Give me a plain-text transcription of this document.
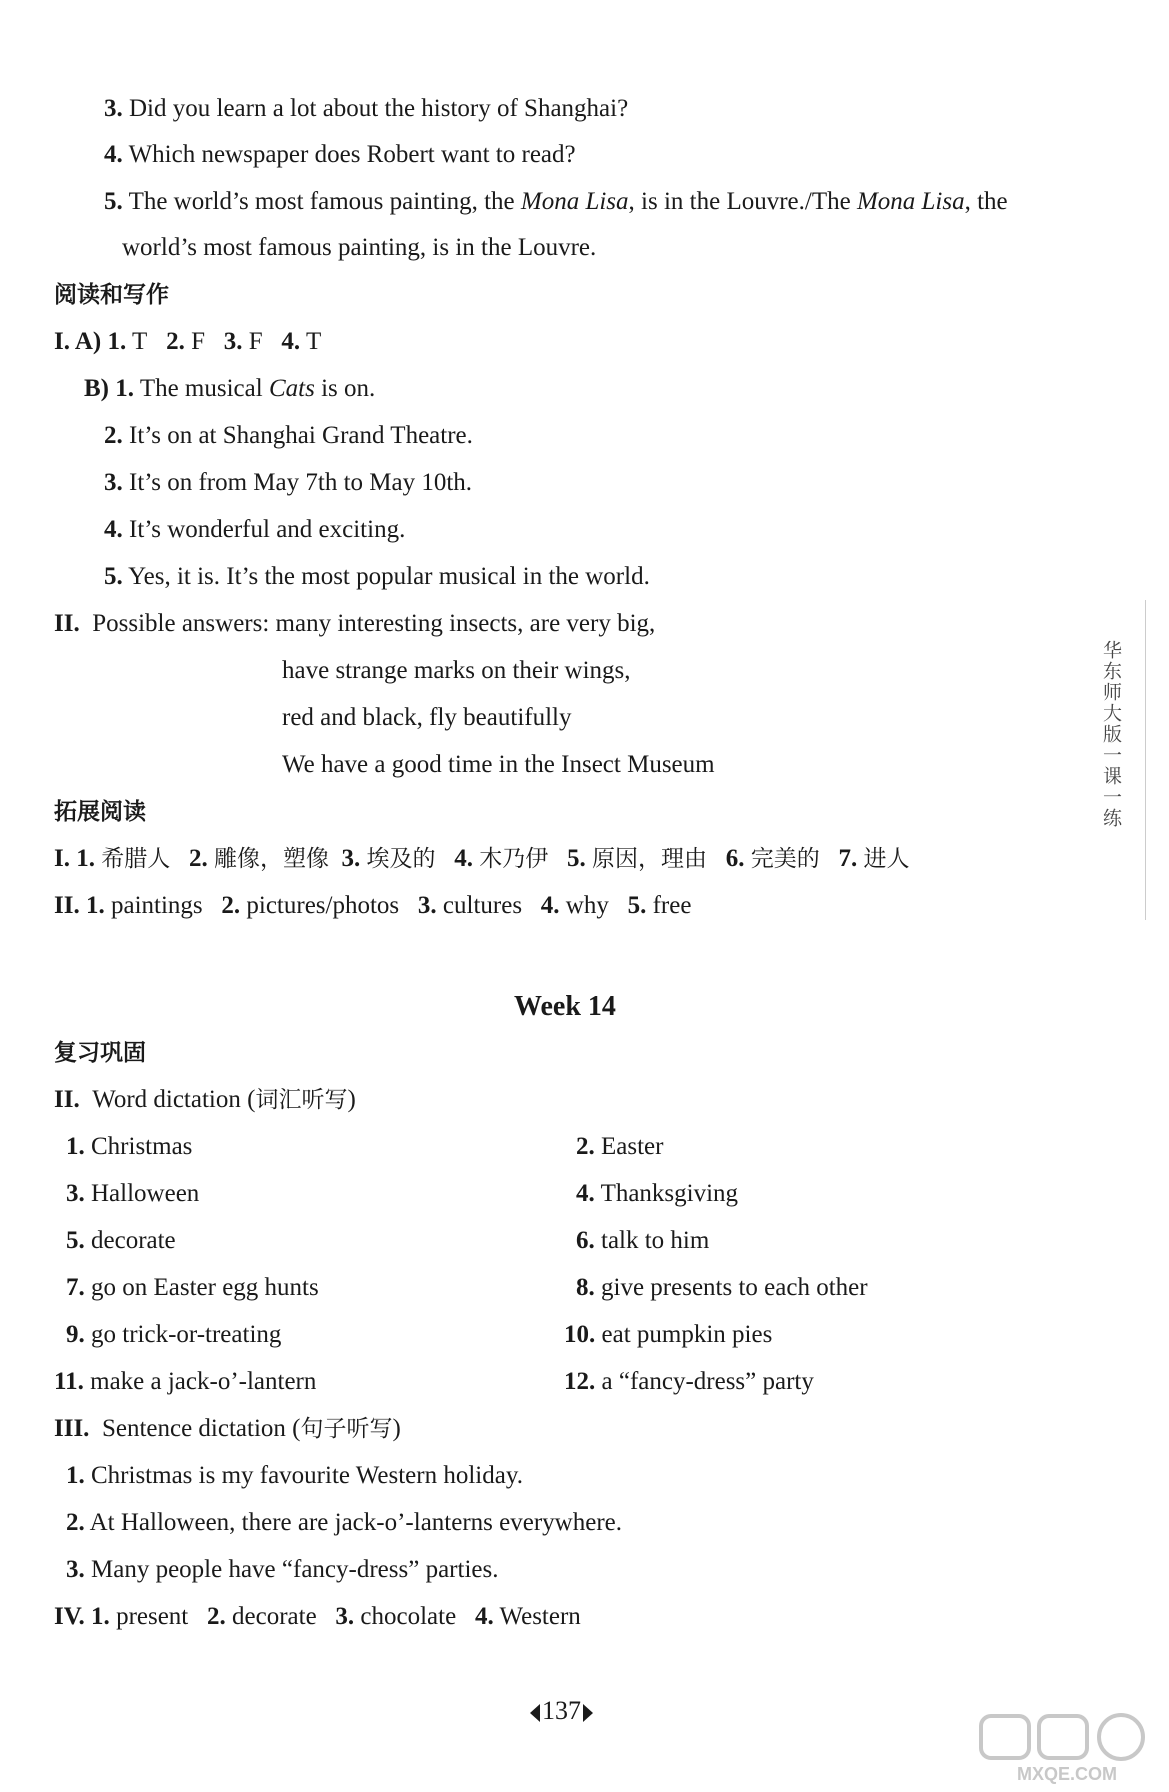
3. Did you learn a lot about the history of Shanghai?
4. Which newspaper does Robert want to read?
5. The world’s most famous painting, the Mona Lisa, is in the Louvre./The Mona Lisa, the
world’s most famous painting, is in the Louvre.
阅读和写作
I. A) 1. T 2. F 3. F 4. T
B) 1. The musical Cats is on.
2. It’s on at Shanghai Grand Theatre.
3. It’s on from May 7th to May 10th.
4. It’s wonderful and exciting.
5. Yes, it is. It’s the most popular musical in the world.
II. Possible answers: many interesting insects, are very big,
have strange marks on their wings,
red and black, fly beautifully
We have a good time in the Insect Museum
拓展阅读
I. 1. 希腊人 2. 雕像，塑像 3. 埃及的 4. 木乃伊 5. 原因，理由 6. 完美的 7. 进人
II. 1. paintings 2. pictures/photos 3. cultures 4. why 5. free
Week 14
复习巩固
II. Word dictation (词汇听写)
1. Christmas	2. Easter
3. Halloween	4. Thanksgiving
5. decorate	6. talk to him
7. go on Easter egg hunts	8. give presents to each other
9. go trick-or-treating	10. eat pumpkin pies
11. make a jack-o’-lantern	12. a “fancy-dress” party
III. Sentence dictation (句子听写)
1. Christmas is my favourite Western holiday.
2. At Halloween, there are jack-o’-lanterns everywhere.
3. Many people have “fancy-dress” parties.
IV. 1. present 2. decorate 3. chocolate 4. Western
华东师大版一课一练
137
MXQE.COM
